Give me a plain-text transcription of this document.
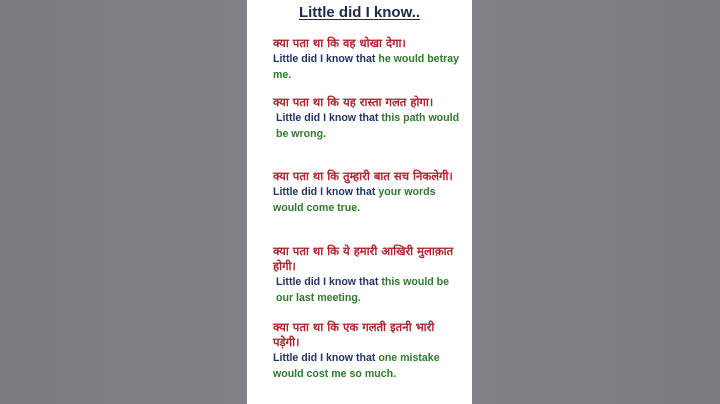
Little did I know..
क्या पता था कि वह धोखा देगा।
Little did I know that he would betray me.
क्या पता था कि यह रास्ता गलत होगा।
Little did I know that this path would be wrong.
क्या पता था कि तुम्हारी बात सच निकलेगी।
Little did I know that your words would come true.
क्या पता था कि ये हमारी आखिरी मुलाक़ात होगी।
Little did I know that this would be our last meeting.
क्या पता था कि एक गलती इतनी भारी पड़ेगी।
Little did I know that one mistake would cost me so much.
